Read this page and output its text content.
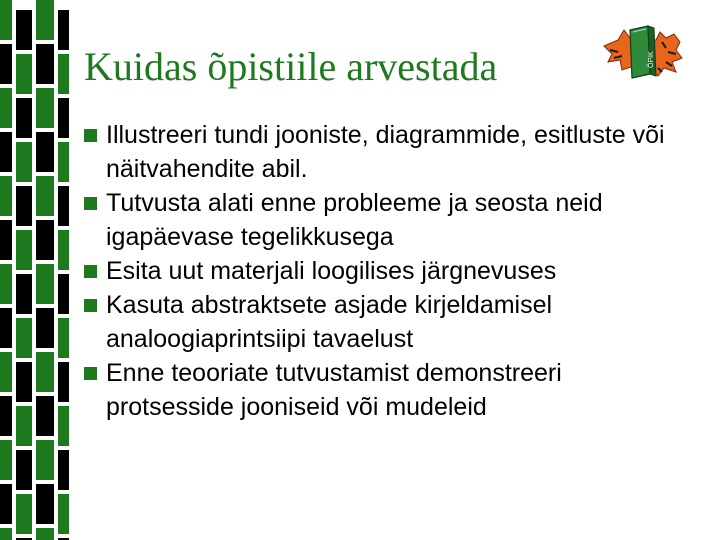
Kuidas õpistiile arvestada	ÕPIK
Illustreeri tundi jooniste, diagrammide, esitluste või näitvahendite abil.
Tutvusta alati enne probleeme ja seosta neid igapäevase tegelikkusega
Esita uut materjali loogilises järgnevuses
Kasuta abstraktsete asjade kirjeldamisel analoogiaprintsiipi tavaelust
Enne teooriate tutvustamist demonstreeri protsesside jooniseid või mudeleid
